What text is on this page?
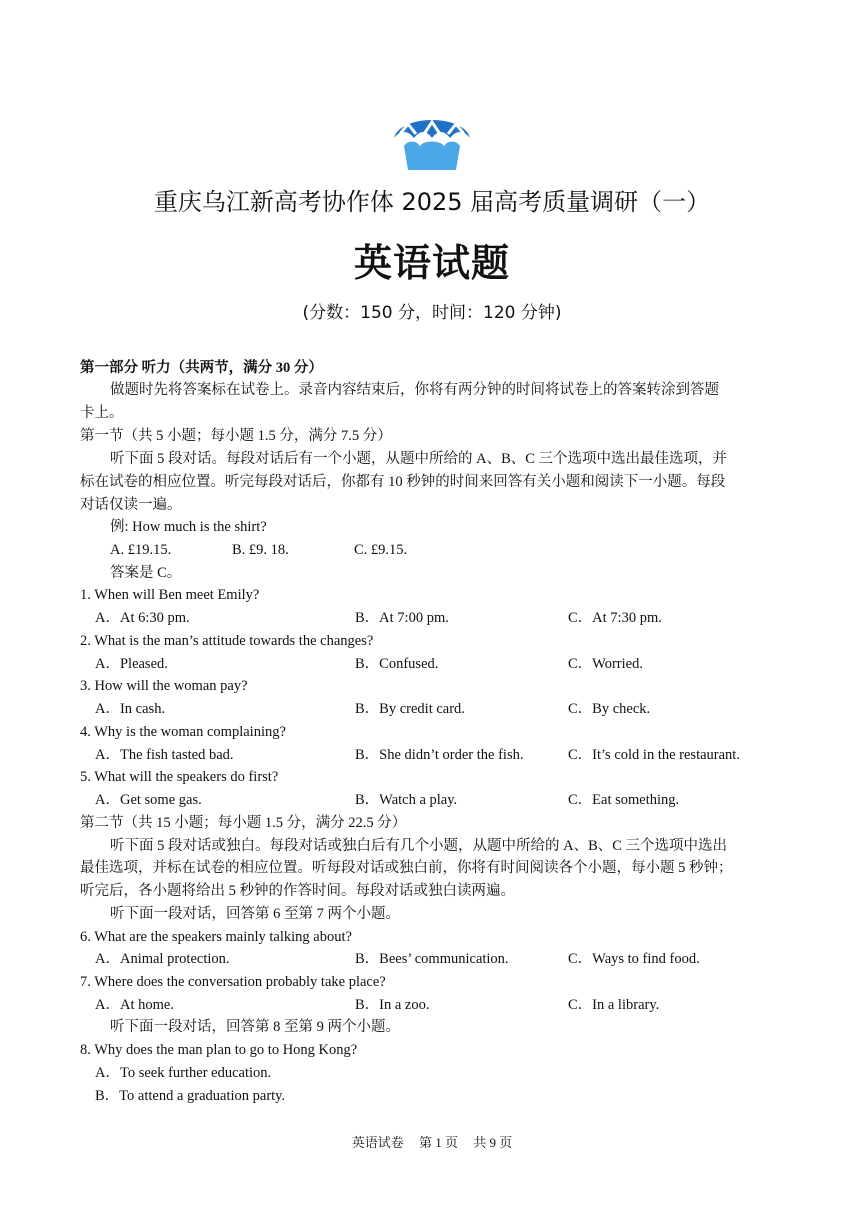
重庆乌江新高考协作体 2025 届高考质量调研（一）
英语试题
(分数：150 分，时间：120 分钟)
第一部分 听力（共两节，满分 30 分）
做题时先将答案标在试卷上。录音内容结束后，你将有两分钟的时间将试卷上的答案转涂到答题
卡上。
第一节（共 5 小题；每小题 1.5 分，满分 7.5 分）
听下面 5 段对话。每段对话后有一个小题，从题中所给的 A、B、C 三个选项中选出最佳选项，并
标在试卷的相应位置。听完每段对话后，你都有 10 秒钟的时间来回答有关小题和阅读下一小题。每段
对话仅读一遍。
例: How much is the shirt?
A. £19.15.	B. £9. 18.	C. £9.15.
答案是 C。
1. When will Ben meet Emily?
A．At 6:30 pm.	B．At 7:00 pm.	C．At 7:30 pm.
2. What is the man’s attitude towards the changes?
A．Pleased.	B．Confused.	C．Worried.
3. How will the woman pay?
A．In cash.	B．By credit card.	C．By check.
4. Why is the woman complaining?
A．The fish tasted bad.	B．She didn’t order the fish.	C．It’s cold in the restaurant.
5. What will the speakers do first?
A．Get some gas.	B．Watch a play.	C．Eat something.
第二节（共 15 小题；每小题 1.5 分，满分 22.5 分）
听下面 5 段对话或独白。每段对话或独白后有几个小题，从题中所给的 A、B、C 三个选项中选出
最佳选项，并标在试卷的相应位置。听每段对话或独白前，你将有时间阅读各个小题，每小题 5 秒钟；
听完后，各小题将给出 5 秒钟的作答时间。每段对话或独白读两遍。
听下面一段对话，回答第 6 至第 7 两个小题。
6. What are the speakers mainly talking about?
A．Animal protection.	B．Bees’ communication.	C．Ways to find food.
7. Where does the conversation probably take place?
A．At home.	B．In a zoo.	C．In a library.
听下面一段对话，回答第 8 至第 9 两个小题。
8. Why does the man plan to go to Hong Kong?
A．To seek further education.
B．To attend a graduation party.
英语试卷 第 1 页 共 9 页
